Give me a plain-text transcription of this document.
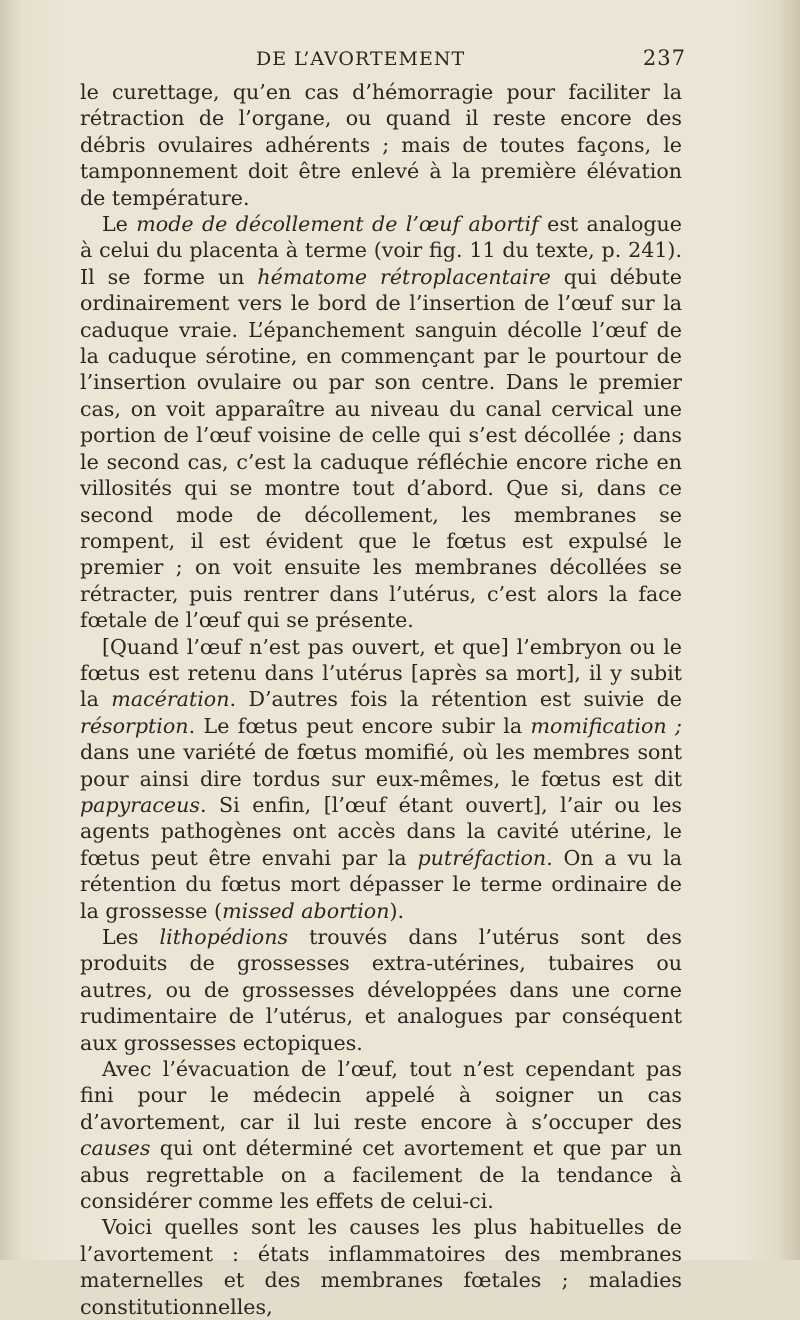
DE L’AVORTEMENT	237

le curettage, qu’en cas d’hémorragie pour faciliter la rétraction de l’organe, ou quand il reste encore des débris ovulaires adhérents ; mais de toutes façons, le tamponnement doit être enlevé à la première élévation de température.

Le mode de décollement de l’œuf abortif est analogue à celui du placenta à terme (voir fig. 11 du texte, p. 241). Il se forme un hématome rétroplacentaire qui débute ordinairement vers le bord de l’insertion de l’œuf sur la caduque vraie. L’épanchement sanguin décolle l’œuf de la caduque sérotine, en commençant par le pourtour de l’insertion ovulaire ou par son centre. Dans le premier cas, on voit apparaître au niveau du canal cervical une portion de l’œuf voisine de celle qui s’est décollée ; dans le second cas, c’est la caduque réfléchie encore riche en villosités qui se montre tout d’abord. Que si, dans ce second mode de décollement, les membranes se rompent, il est évident que le fœtus est expulsé le premier ; on voit ensuite les membranes décollées se rétracter, puis rentrer dans l’utérus, c’est alors la face fœtale de l’œuf qui se présente.

[Quand l’œuf n’est pas ouvert, et que] l’embryon ou le fœtus est retenu dans l’utérus [après sa mort], il y subit la macération. D’autres fois la rétention est suivie de résorption. Le fœtus peut encore subir la momification ; dans une variété de fœtus momifié, où les membres sont pour ainsi dire tordus sur eux-mêmes, le fœtus est dit papyraceus. Si enfin, [l’œuf étant ouvert], l’air ou les agents pathogènes ont accès dans la cavité utérine, le fœtus peut être envahi par la putréfaction. On a vu la rétention du fœtus mort dépasser le terme ordinaire de la grossesse (missed abortion).

Les lithopédions trouvés dans l’utérus sont des produits de grossesses extra-utérines, tubaires ou autres, ou de grossesses développées dans une corne rudimentaire de l’utérus, et analogues par conséquent aux grossesses ectopiques.

Avec l’évacuation de l’œuf, tout n’est cependant pas fini pour le médecin appelé à soigner un cas d’avortement, car il lui reste encore à s’occuper des causes qui ont déterminé cet avortement et que par un abus regrettable on a facilement de la tendance à considérer comme les effets de celui-ci.

Voici quelles sont les causes les plus habituelles de l’avortement : états inflammatoires des membranes maternelles et des membranes fœtales ; maladies constitutionnelles,
